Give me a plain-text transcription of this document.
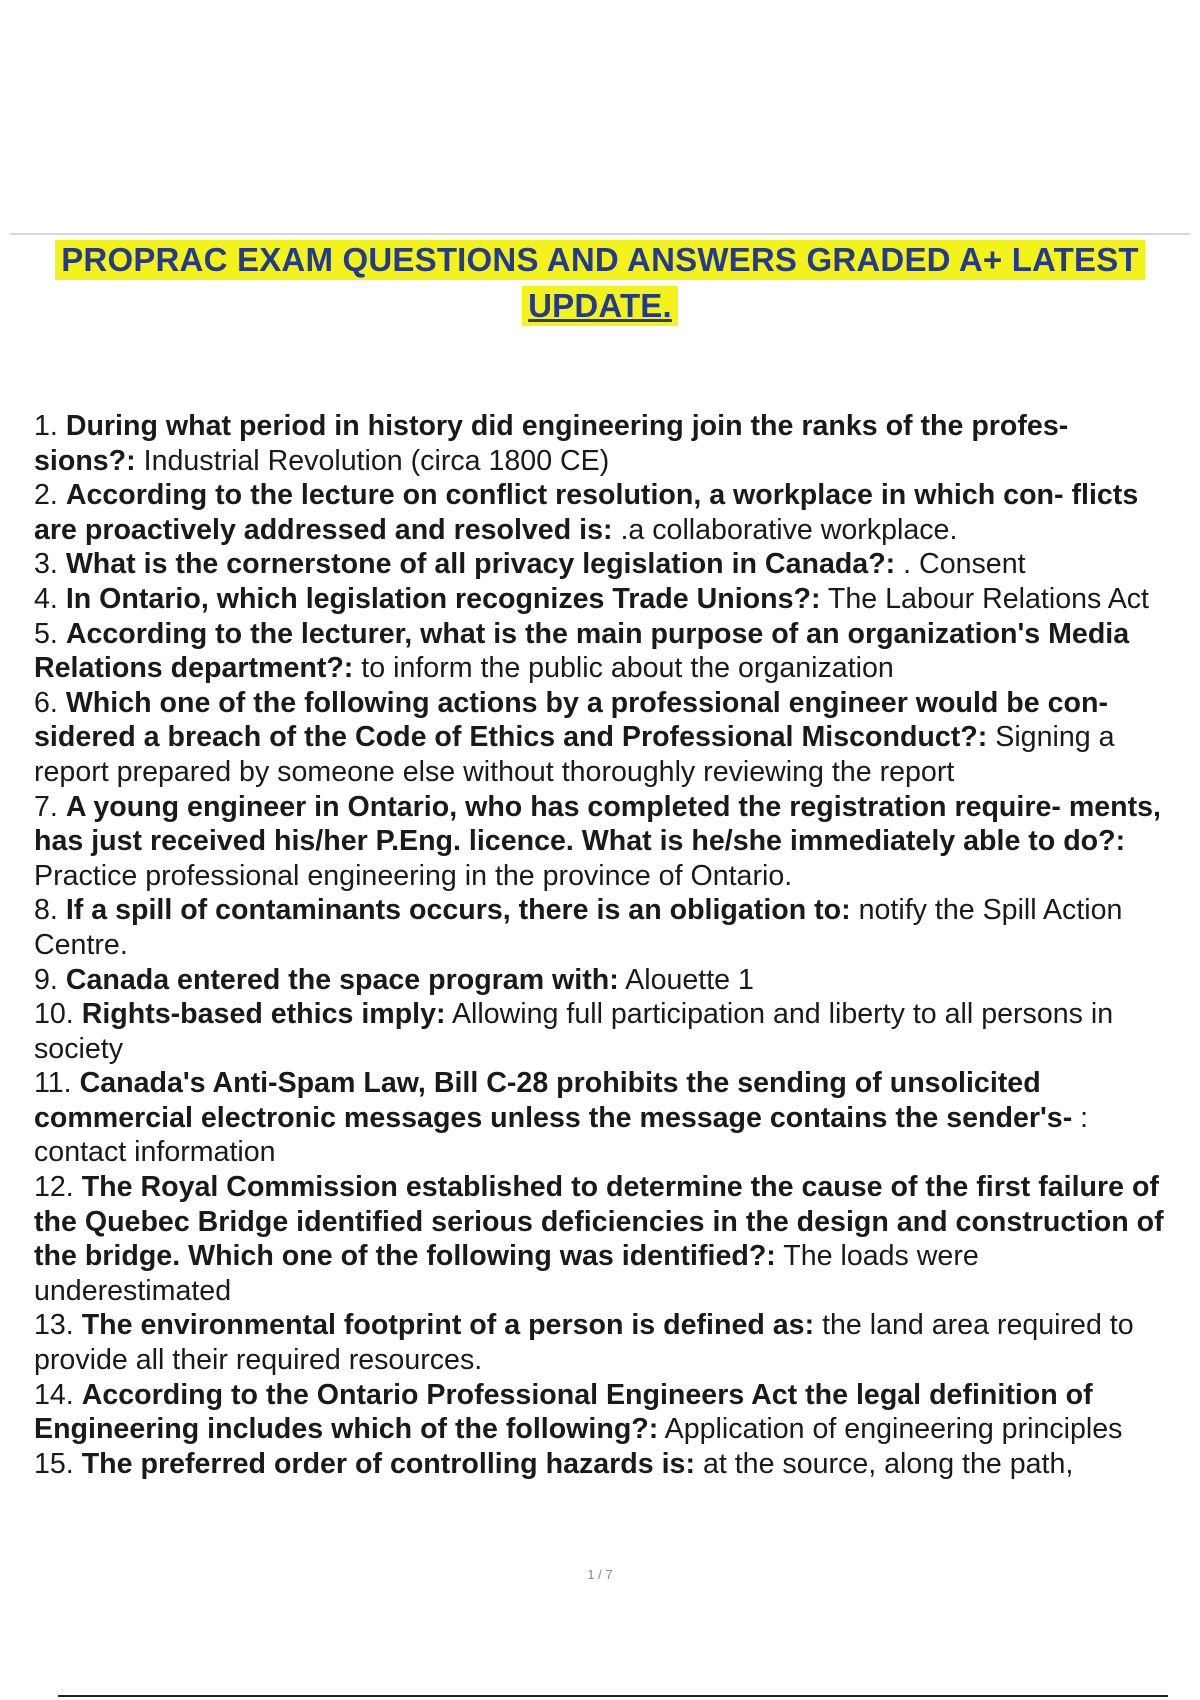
PROPRAC EXAM QUESTIONS AND ANSWERS GRADED A+ LATEST
UPDATE.

1. During what period in history did engineering join the ranks of the profes- sions?: Industrial Revolution (circa 1800 CE)

2. According to the lecture on conflict resolution, a workplace in which con- flicts are proactively addressed and resolved is: .a collaborative workplace.

3. What is the cornerstone of all privacy legislation in Canada?: . Consent

4. In Ontario, which legislation recognizes Trade Unions?: The Labour Relations Act

5. According to the lecturer, what is the main purpose of an organization's Media Relations department?: to inform the public about the organization

6. Which one of the following actions by a professional engineer would be con- sidered a breach of the Code of Ethics and Professional Misconduct?: Signing a report prepared by someone else without thoroughly reviewing the report

7. A young engineer in Ontario, who has completed the registration require- ments, has just received his/her P.Eng. licence. What is he/she immediately able to do?: Practice professional engineering in the province of Ontario.

8. If a spill of contaminants occurs, there is an obligation to: notify the Spill Action Centre.

9. Canada entered the space program with: Alouette 1

10. Rights-based ethics imply: Allowing full participation and liberty to all persons in society

11. Canada's Anti-Spam Law, Bill C-28 prohibits the sending of unsolicited commercial electronic messages unless the message contains the sender's- : contact information

12. The Royal Commission established to determine the cause of the first failure of the Quebec Bridge identified serious deficiencies in the design and construction of the bridge. Which one of the following was identified?: The loads were underestimated

13. The environmental footprint of a person is defined as: the land area required to provide all their required resources.

14. According to the Ontario Professional Engineers Act the legal definition of Engineering includes which of the following?: Application of engineering principles

15. The preferred order of controlling hazards is: at the source, along the path,

1 / 7
